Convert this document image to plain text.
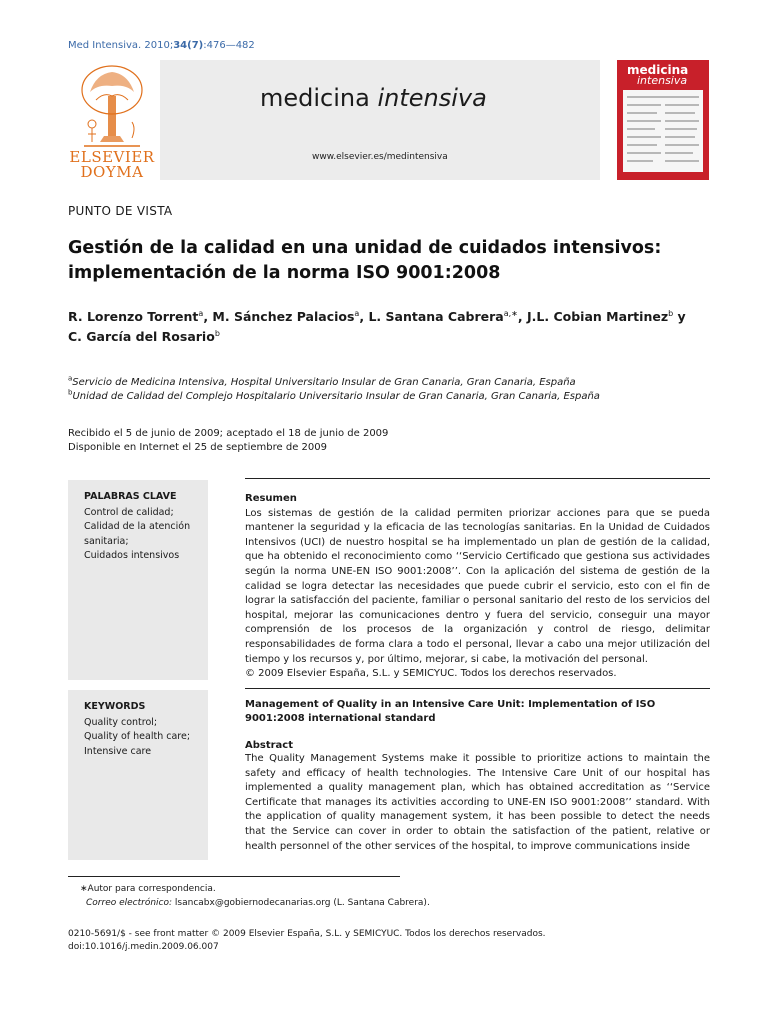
Med Intensiva. 2010;34(7):476—482
ELSEVIER
DOYMA
medicina intensiva
www.elsevier.es/medintensiva
medicina
intensiva
PUNTO DE VISTA
Gestión de la calidad en una unidad de cuidados intensivos: implementación de la norma ISO 9001:2008
R. Lorenzo Torrent$^a$, M. Sánchez Palacios$^a$, L. Santana Cabrera$^{a,∗}$, J.L. Cobian Martinez$^b$ y
C. García del Rosario$^b$
$^a$Servicio de Medicina Intensiva, Hospital Universitario Insular de Gran Canaria, Gran Canaria, España
$^b$Unidad de Calidad del Complejo Hospitalario Universitario Insular de Gran Canaria, Gran Canaria, España
Recibido el 5 de junio de 2009; aceptado el 18 de junio de 2009
Disponible en Internet el 25 de septiembre de 2009
PALABRAS CLAVE
Control de calidad;
Calidad de la atención sanitaria;
Cuidados intensivos
Resumen
Los sistemas de gestión de la calidad permiten priorizar acciones para que se pueda mantener la seguridad y la eficacia de las tecnologías sanitarias. En la Unidad de Cuidados Intensivos (UCI) de nuestro hospital se ha implementado un plan de gestión de la calidad, que ha obtenido el reconocimiento como ‘‘Servicio Certificado que gestiona sus actividades según la norma UNE-EN ISO 9001:2008’’. Con la aplicación del sistema de gestión de la calidad se logra detectar las necesidades que puede cubrir el servicio, esto con el fin de lograr la satisfacción del paciente, familiar o personal sanitario del resto de los servicios del hospital, mejorar las comunicaciones dentro y fuera del servicio, conseguir una mayor comprensión de los procesos de la organización y control de riesgo, delimitar responsabilidades de forma clara a todo el personal, llevar a cabo una mejor utilización del tiempo y los recursos y, por último, mejorar, si cabe, la motivación del personal.
© 2009 Elsevier España, S.L. y SEMICYUC. Todos los derechos reservados.
KEYWORDS
Quality control;
Quality of health care;
Intensive care
Management of Quality in an Intensive Care Unit: Implementation of ISO 9001:2008 international standard
Abstract
The Quality Management Systems make it possible to prioritize actions to maintain the safety and efficacy of health technologies. The Intensive Care Unit of our hospital has implemented a quality management plan, which has obtained accreditation as ‘‘Service Certificate that manages its activities according to UNE-EN ISO 9001:2008’’ standard. With the application of quality management system, it has been possible to detect the needs that the Service can cover in order to obtain the satisfaction of the patient, relative or health personnel of the other services of the hospital, to improve communications inside
∗Autor para correspondencia.
Correo electrónico: lsancabx@gobiernodecanarias.org (L. Santana Cabrera).
0210-5691/$ - see front matter © 2009 Elsevier España, S.L. y SEMICYUC. Todos los derechos reservados.
doi:10.1016/j.medin.2009.06.007
